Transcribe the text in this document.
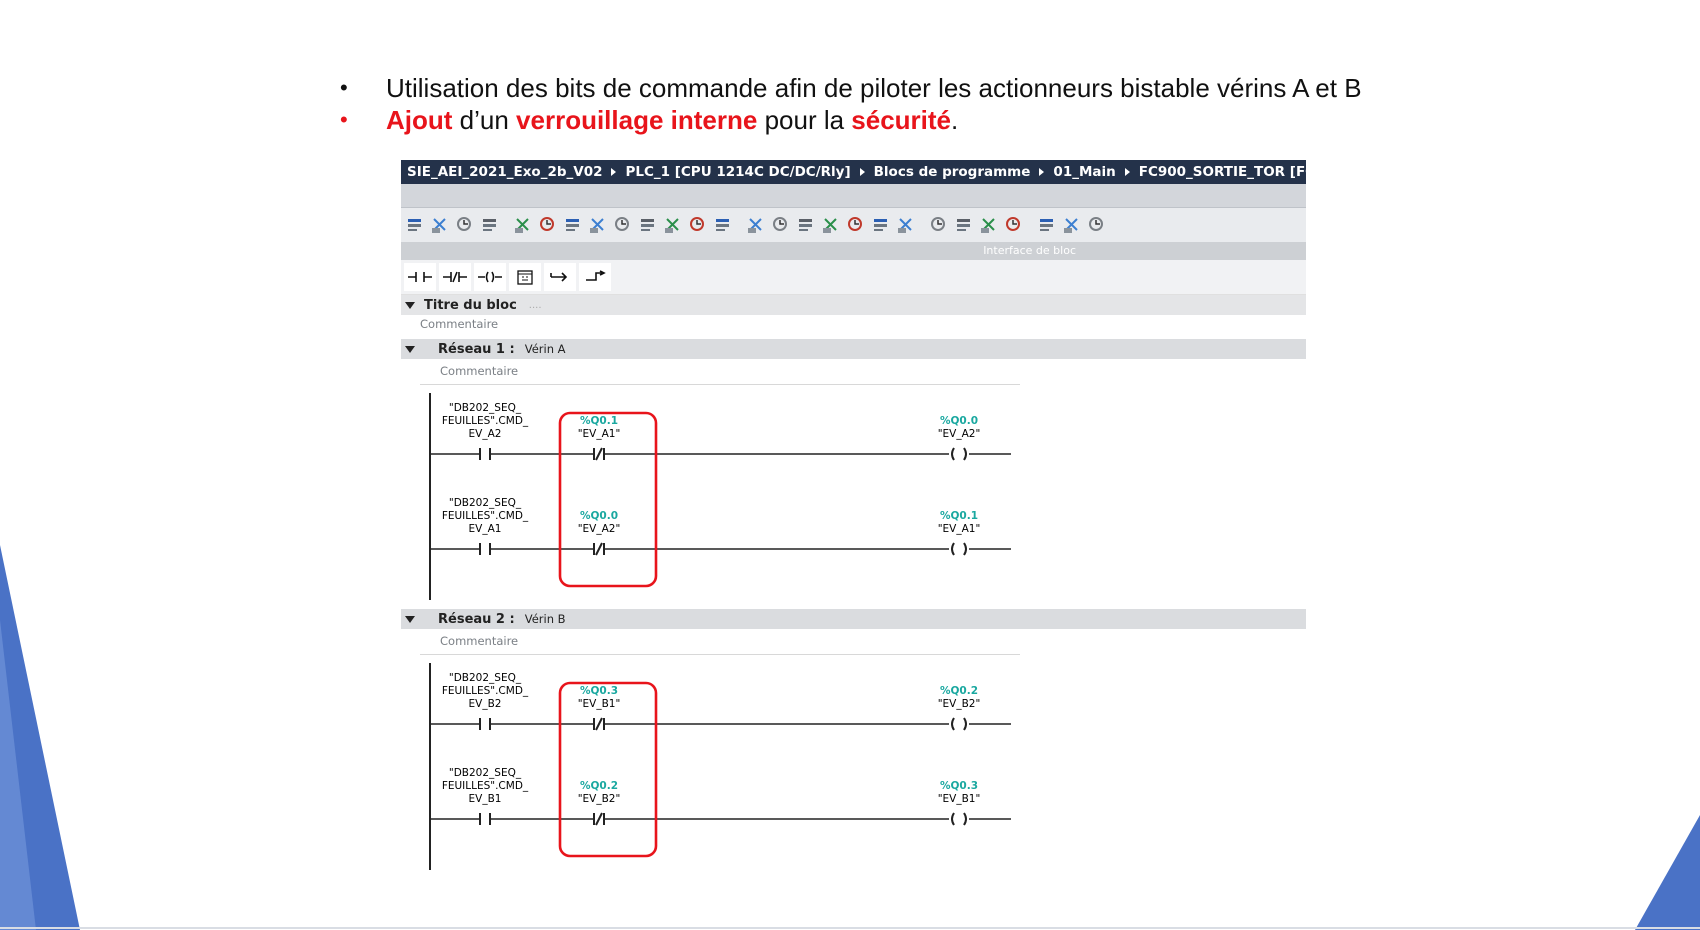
•	Utilisation des bits de commande afin de piloter les actionneurs bistable vérins A et B
•	Ajout d’un verrouillage interne pour la sécurité .
SIE_AEI_2021_Exo_2b_V02 PLC_1 [CPU 1214C DC/DC/Rly] Blocs de programme 01_Main FC900_SORTIE_TOR [FC900]
Interface de bloc
Titre du bloc ....
Commentaire
Réseau 1 : Vérin A
Commentaire
"DB202_SEQ_
FEUILLES".CMD_
EV_A2
%Q0.1
"EV_A1"
%Q0.0
"EV_A2"
"DB202_SEQ_
FEUILLES".CMD_
EV_A1
%Q0.0
"EV_A2"
%Q0.1
"EV_A1"
Réseau 2 : Vérin B
Commentaire
"DB202_SEQ_
FEUILLES".CMD_
EV_B2
%Q0.3
"EV_B1"
%Q0.2
"EV_B2"
"DB202_SEQ_
FEUILLES".CMD_
EV_B1
%Q0.2
"EV_B2"
%Q0.3
"EV_B1"
